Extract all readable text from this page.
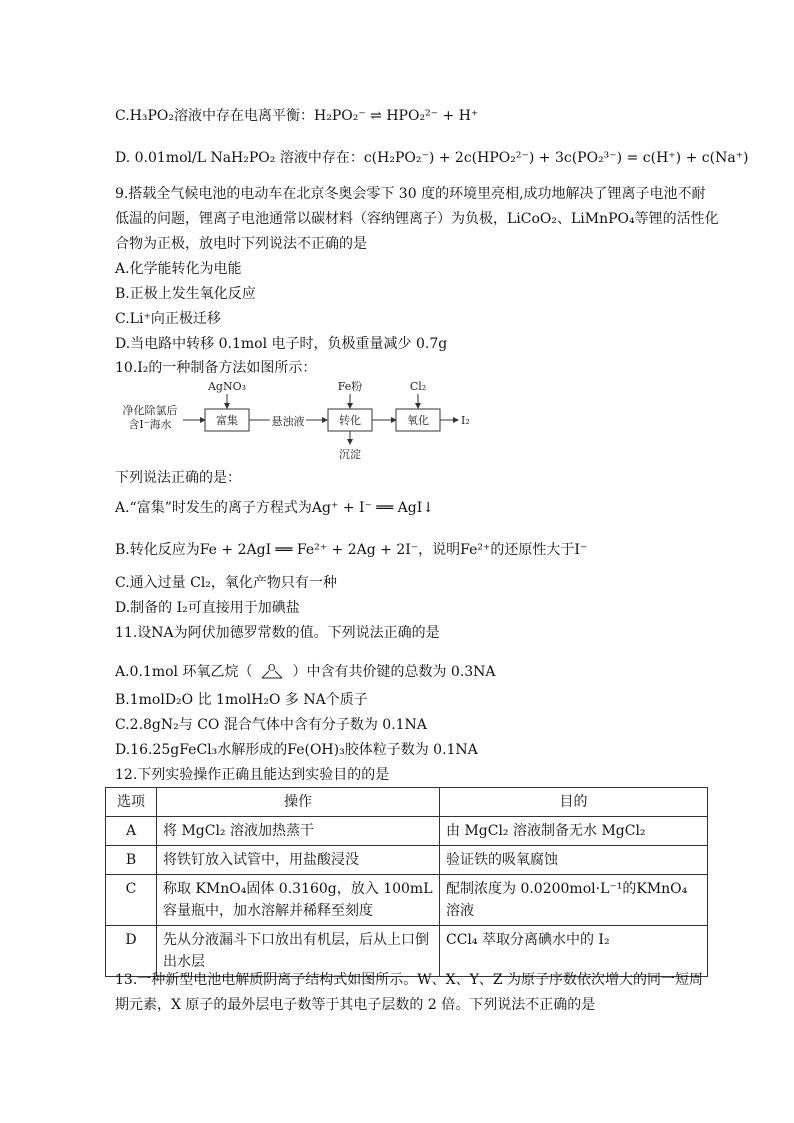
C.H₃PO₂溶液中存在电离平衡：H₂PO₂⁻ ⇌ HPO₂²⁻ + H⁺
D. 0.01mol/L NaH₂PO₂ 溶液中存在：c(H₂PO₂⁻) + 2c(HPO₂²⁻) + 3c(PO₂³⁻) = c(H⁺) + c(Na⁺)
9.搭载全气候电池的电动车在北京冬奥会零下 30 度的环境里亮相,成功地解决了锂离子电池不耐
低温的问题，锂离子电池通常以碳材料（容纳锂离子）为负极，LiCoO₂、LiMnPO₄等锂的活性化
合物为正极，放电时下列说法不正确的是
A.化学能转化为电能
B.正极上发生氧化反应
C.Li⁺向正极迁移
D.当电路中转移 0.1mol 电子时，负极重量减少 0.7g
10.I₂的一种制备方法如图所示：
净化除氯后
含I⁻海水
AgNO₃
富集	悬浊液
Fe粉
转化
沉淀
Cl₂
氧化	I₂
下列说法正确的是：
A.“富集”时发生的离子方程式为Ag⁺ + I⁻ ══ AgI↓
B.转化反应为Fe + 2AgI ══ Fe²⁺ + 2Ag + 2I⁻，说明Fe²⁺的还原性大于I⁻
C.通入过量 Cl₂，氧化产物只有一种
D.制备的 I₂可直接用于加碘盐
11.设NA为阿伏加德罗常数的值。下列说法正确的是
A.0.1mol 环氧乙烷（ O ）中含有共价键的总数为 0.3NA
B.1molD₂O 比 1molH₂O 多 NA个质子
C.2.8gN₂与 CO 混合气体中含有分子数为 0.1NA
D.16.25gFeCl₃水解形成的Fe(OH)₃胶体粒子数为 0.1NA
12.下列实验操作正确且能达到实验目的的是
选项	操作	目的
A	将 MgCl₂ 溶液加热蒸干	由 MgCl₂ 溶液制备无水 MgCl₂
B	将铁钉放入试管中，用盐酸浸没	验证铁的吸氧腐蚀
C	称取 KMnO₄固体 0.3160g，放入 100mL 容量瓶中，加水溶解并稀释至刻度	配制浓度为 0.0200mol·L⁻¹的KMnO₄溶液
D	先从分液漏斗下口放出有机层，后从上口倒出水层	CCl₄ 萃取分离碘水中的 I₂
13.一种新型电池电解质阴离子结构式如图所示。W、X、Y、Z 为原子序数依次增大的同一短周
期元素，X 原子的最外层电子数等于其电子层数的 2 倍。下列说法不正确的是
